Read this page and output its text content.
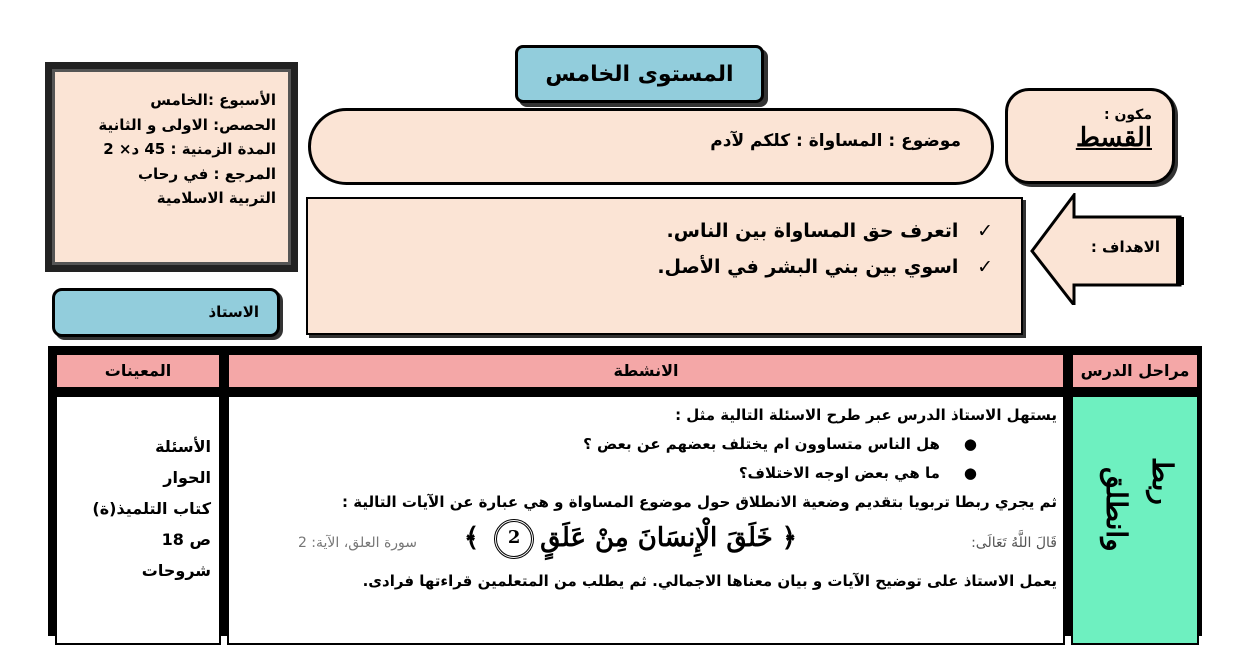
المستوى الخامس
الأسبوع :الخامس
الحصص: الاولى و الثانية
المدة الزمنية : 45 د× 2
المرجع : في رحاب
التربية الاسلامية
مكون :
القسط
موضوع : المساواة : كلكم لآدم
الاهداف :
✓ اتعرف حق المساواة بين الناس.
✓ اسوي بين بني البشر في الأصل.
الاستاذ
المعينات	الانشطة	مراحل الدرس
الأسئلة
الحوار
كتاب التلميذ(ة)
ص 18
شروحات
يستهل الاستاذ الدرس عبر طرح الاسئلة التالية مثل :
●هل الناس متساوون ام يختلف بعضهم عن بعض ؟
●ما هي بعض اوجه الاختلاف؟
ثم يجري ربطا تربويا بتقديم وضعية الانطلاق حول موضوع المساواة و هي عبارة عن الآيات التالية :
قَالَ اللَّهُ تَعَالَى:
﴿ خَلَقَ الْإِنسَانَ مِنْ عَلَقٍ2 ﴾
سورة العلق، الآية: 2
يعمل الاستاذ على توضيح الآيات و بيان معناها الاجمالي. ثم يطلب من المتعلمين قراءتها فرادى.
ربط
وانطلق
